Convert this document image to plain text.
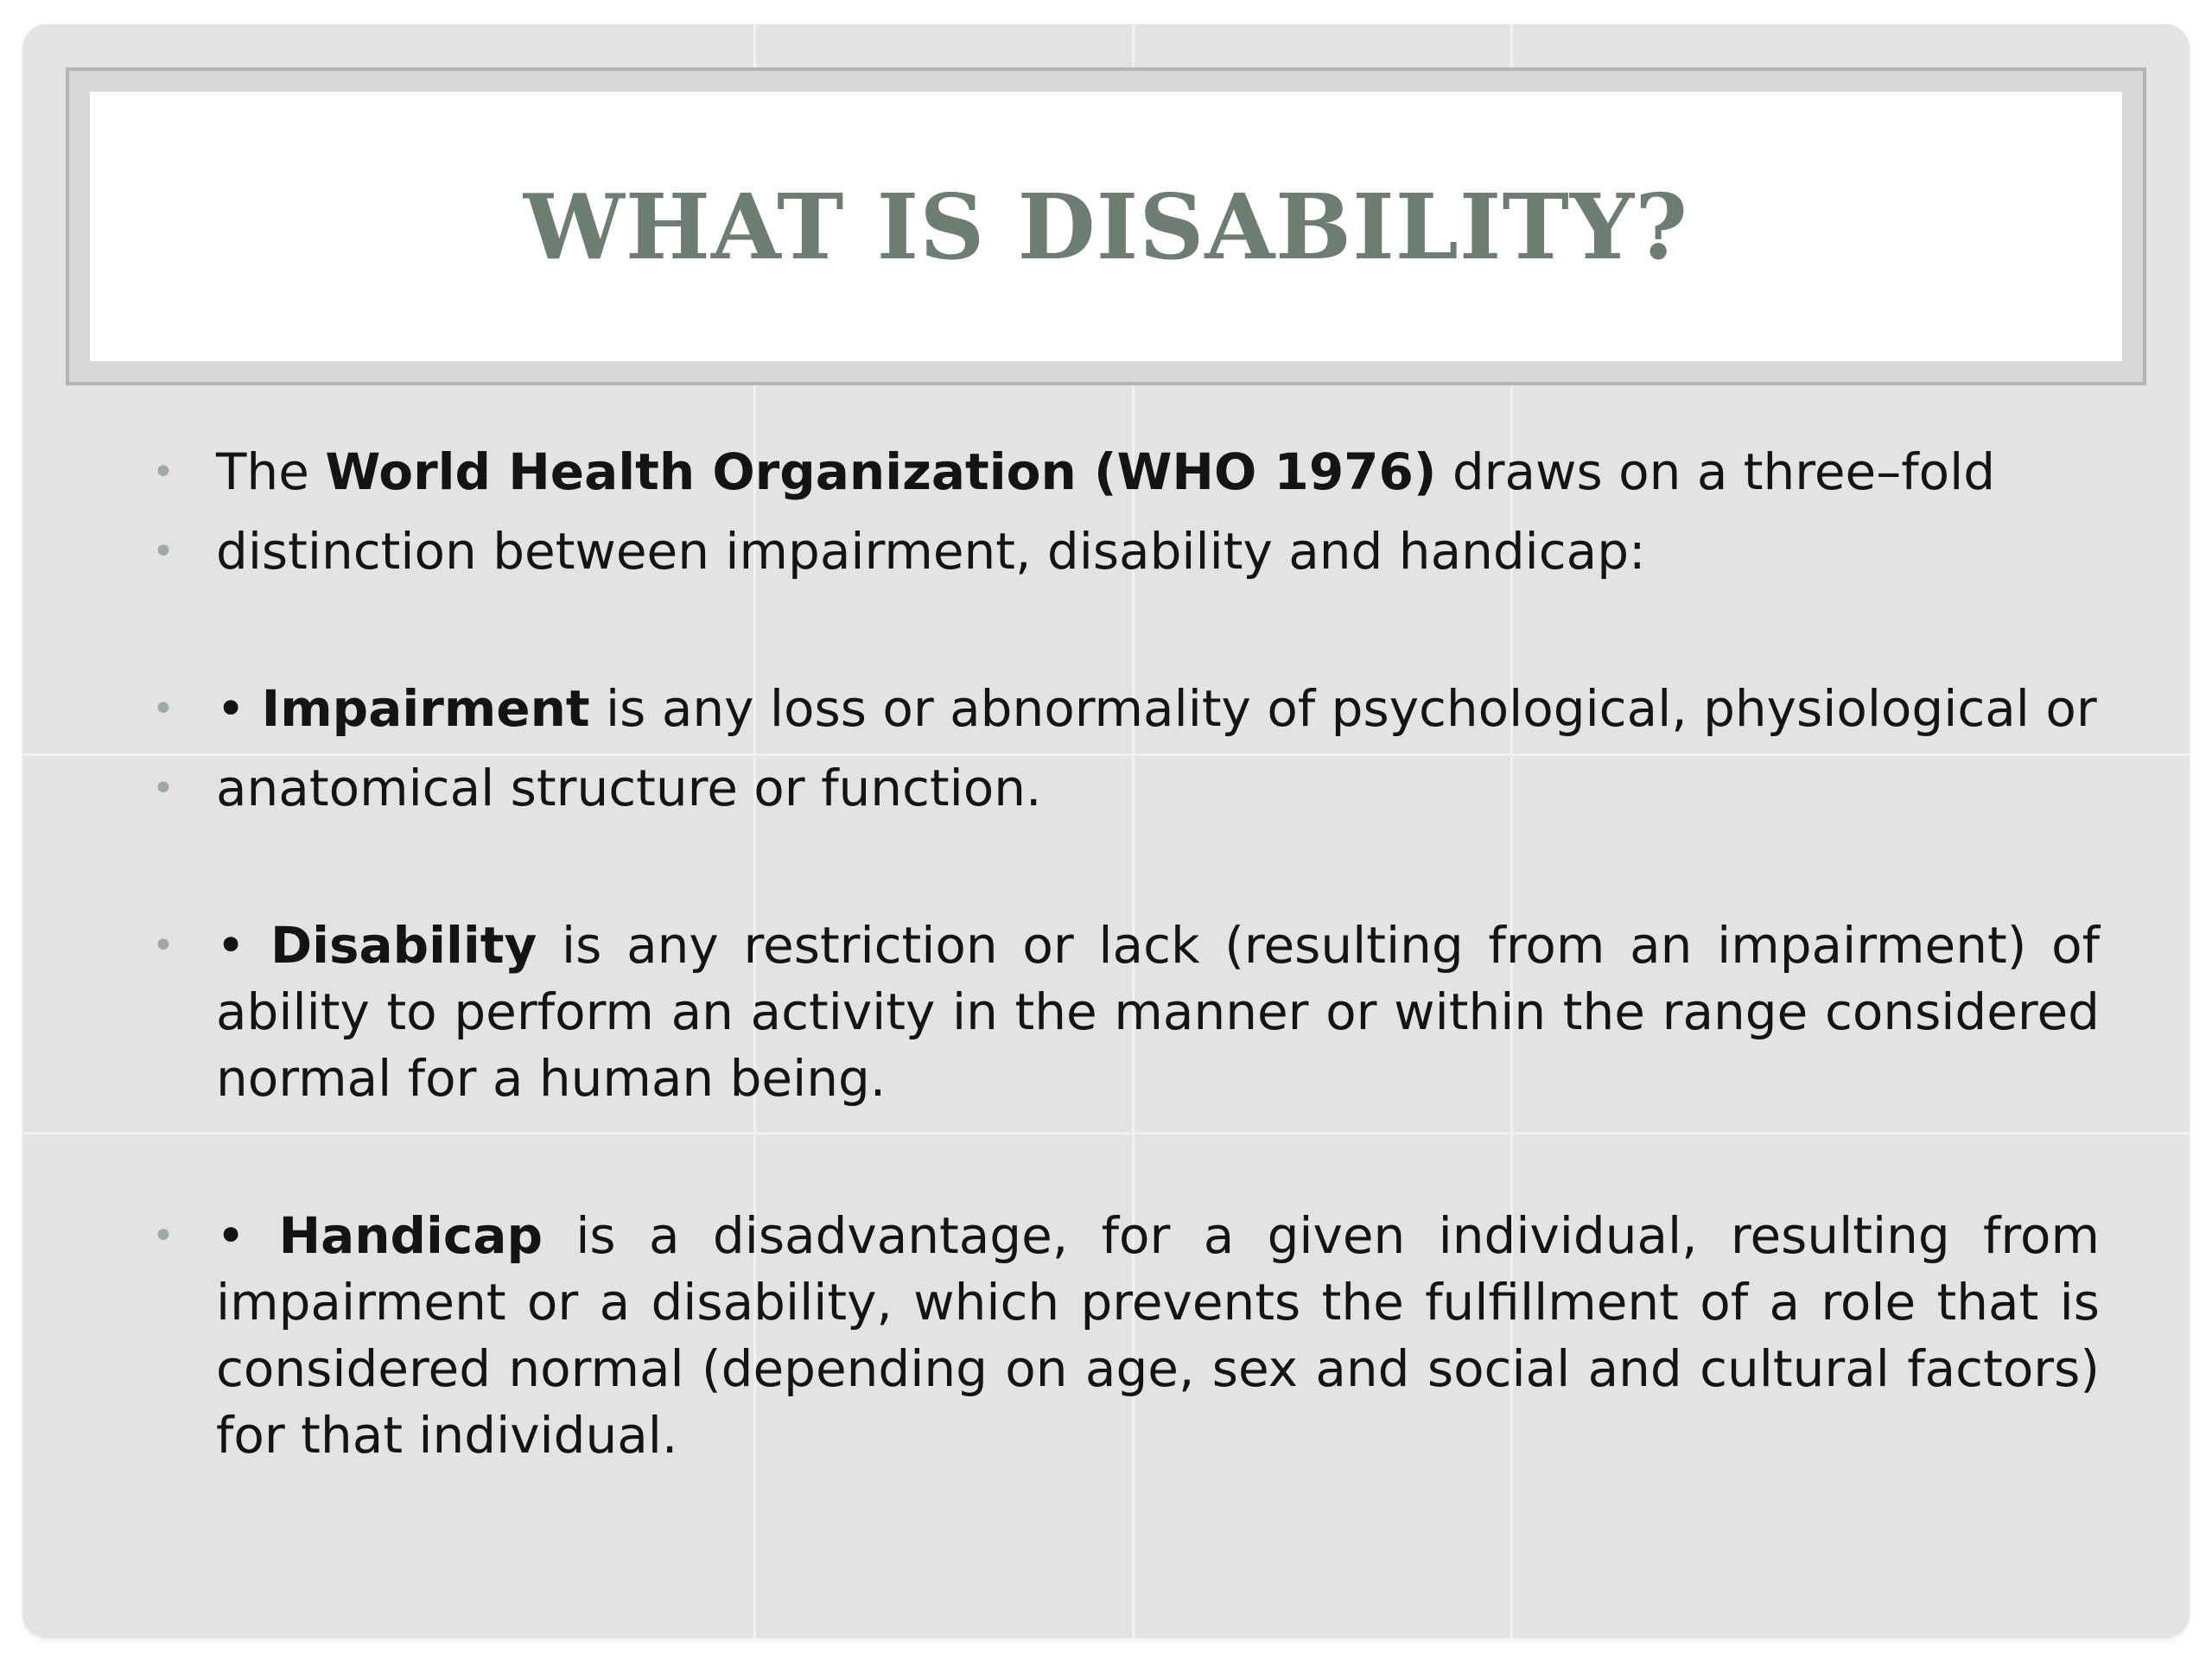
WHAT IS DISABILITY?
• The World Health Organization (WHO 1976) draws on a three–fold
• distinction between impairment, disability and handicap:
• • Impairment is any loss or abnormality of psychological, physiological or
• anatomical structure or function.
• • Disability is any restriction or lack (resulting from an impairment) of ability to perform an activity in the manner or within the range considered normal for a human being.
• • Handicap is a disadvantage, for a given individual, resulting from impairment or a disability, which prevents the fulfillment of a role that is considered normal (depending on age, sex and social and cultural factors) for that individual.
